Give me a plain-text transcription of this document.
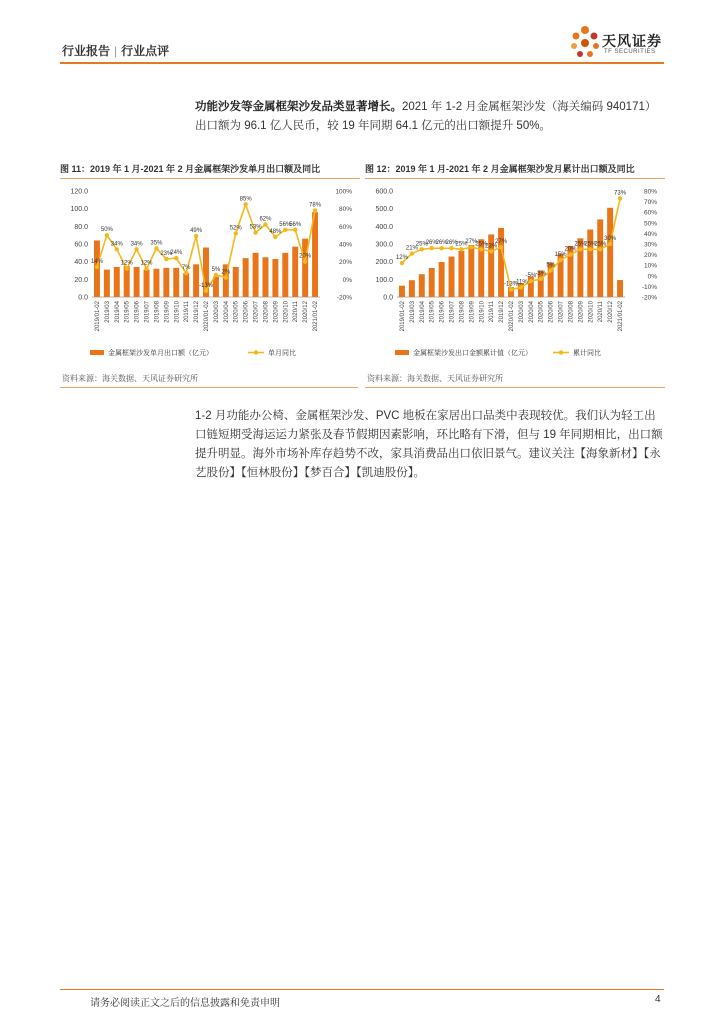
行业报告 | 行业点评
天风证券
TF SECURITIES
功能沙发等金属框架沙发品类显著增长。2021 年 1-2 月金属框架沙发（海关编码 940171）出口额为 96.1 亿人民币，较 19 年同期 64.1 亿元的出口额提升 50%。
图 11：2019 年 1 月-2021 年 2 月金属框架沙发单月出口额及同比
0.0
20.0
40.0
60.0
80.0
100.0
120.0
-20%
0%
20%
40%
60%
80%
100%
14%
50%
34%
12%
34%
12%
35%
23%
24%
7%
49%
-13%
5% 2%
52%
85%
53%
62%
48%
56%
56%
20%
78%
2019/01-02 2019/03 2019/04 2019/05 2019/06 2019/07 2019/08 2019/09 2019/10 2019/11 2019/12 2020/01-02 2020/03 2020/04 2020/05 2020/06 2020/07 2020/08 2020/09 2020/10 2020/11 2020/12 2021/01-02
金属框架沙发单月出口额（亿元）	单月同比
图 12：2019 年 1 月-2021 年 2 月金属框架沙发月累计出口额及同比
0.0
100.0
200.0
300.0
400.0
500.0
600.0
-20%
-10%
0%
10%
20%
30%
40%
50%
60%
70%
80%
12%
21%
25%
26%
26%
26%
25%
27%
25%
23%
27%
-13%
-11%
-5% -3%
5%
15%
20%
25%
25%
25%
30%
73%
2019/01-02 2019/03 2019/04 2019/05 2019/06 2019/07 2019/08 2019/09 2019/10 2019/11 2019/12 2020/01-02 2020/03 2020/04 2020/05 2020/06 2020/07 2020/08 2020/09 2020/10 2020/11 2020/12 2021/01-02
金属框架沙发出口金额累计值（亿元）	累计同比
资料来源：海关数据、天风证券研究所	资料来源：海关数据、天风证券研究所
1-2 月功能办公椅、金属框架沙发、PVC 地板在家居出口品类中表现较优。我们认为轻工出口链短期受海运运力紧张及春节假期因素影响，环比略有下滑，但与 19 年同期相比，出口额提升明显。海外市场补库存趋势不改，家具消费品出口依旧景气。建议关注【海象新材】【永艺股份】【恒林股份】【梦百合】【凯迪股份】。
请务必阅读正文之后的信息披露和免责申明	4
